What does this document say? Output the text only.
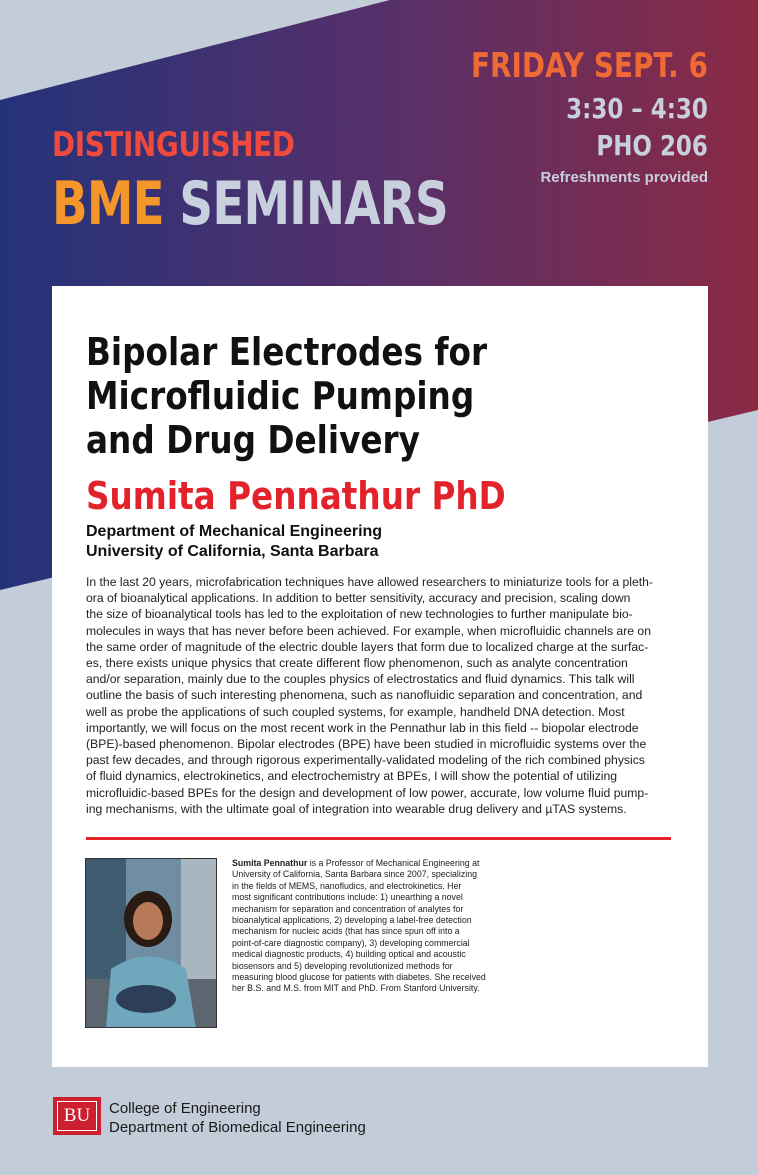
DISTINGUISHED
BME SEMINARS
FRIDAY SEPT. 6
3:30 – 4:30
PHO 206
Refreshments provided
Bipolar Electrodes for
Microfluidic Pumping
and Drug Delivery
Sumita Pennathur PhD
Department of Mechanical Engineering
University of California, Santa Barbara
In the last 20 years, microfabrication techniques have allowed researchers to miniaturize tools for a pleth-
ora of bioanalytical applications. In addition to better sensitivity, accuracy and precision, scaling down
the size of bioanalytical tools has led to the exploitation of new technologies to further manipulate bio-
molecules in ways that has never before been achieved. For example, when microfluidic channels are on
the same order of magnitude of the electric double layers that form due to localized charge at the surfac-
es, there exists unique physics that create different flow phenomenon, such as analyte concentration
and/or separation, mainly due to the couples physics of electrostatics and fluid dynamics. This talk will
outline the basis of such interesting phenomena, such as nanofluidic separation and concentration, and
well as probe the applications of such coupled systems, for example, handheld DNA detection. Most
importantly, we will focus on the most recent work in the Pennathur lab in this field -- biopolar electrode
(BPE)-based phenomenon. Bipolar electrodes (BPE) have been studied in microfluidic systems over the
past few decades, and through rigorous experimentally-validated modeling of the rich combined physics
of fluid dynamics, electrokinetics, and electrochemistry at BPEs, I will show the potential of utilizing
microfluidic-based BPEs for the design and development of low power, accurate, low volume fluid pump-
ing mechanisms, with the ultimate goal of integration into wearable drug delivery and µTAS systems.
Sumita Pennathur is a Professor of Mechanical Engineering at
University of California, Santa Barbara since 2007, specializing
in the fields of MEMS, nanofludics, and electrokinetics. Her
most significant contributions include: 1) unearthing a novel
mechanism for separation and concentration of analytes for
bioanalytical applications, 2) developing a label-free detection
mechanism for nucleic acids (that has since spun off into a
point-of-care diagnostic company), 3) developing commercial
medical diagnostic products, 4) building optical and acoustic
biosensors and 5) developing revolutionized methods for
measuring blood glucose for patients with diabetes. She received
her B.S. and M.S. from MIT and PhD. From Stanford University.
BU College of Engineering
Department of Biomedical Engineering
